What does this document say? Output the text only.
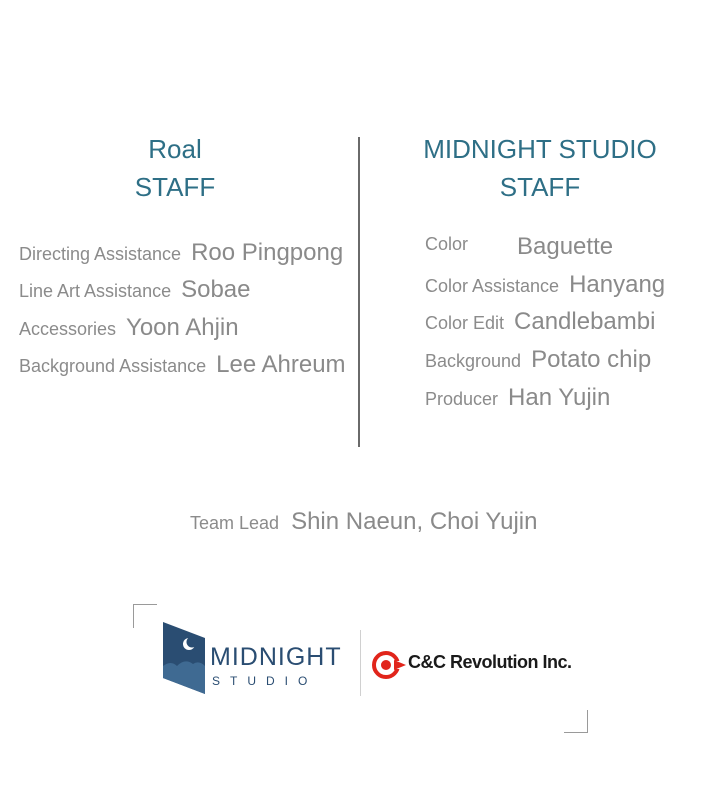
Roal
STAFF
MIDNIGHT STUDIO
STAFF
Directing Assistance Roo Pingpong
Line Art Assistance Sobae
Accessories Yoon Ahjin
Background Assistance Lee Ahreum
Color Baguette
Color Assistance Hanyang
Color Edit Candlebambi
Background Potato chip
Producer Han Yujin
Team Lead Shin Naeun, Choi Yujin
MIDNIGHT
STUDIO
C&C Revolution Inc.
